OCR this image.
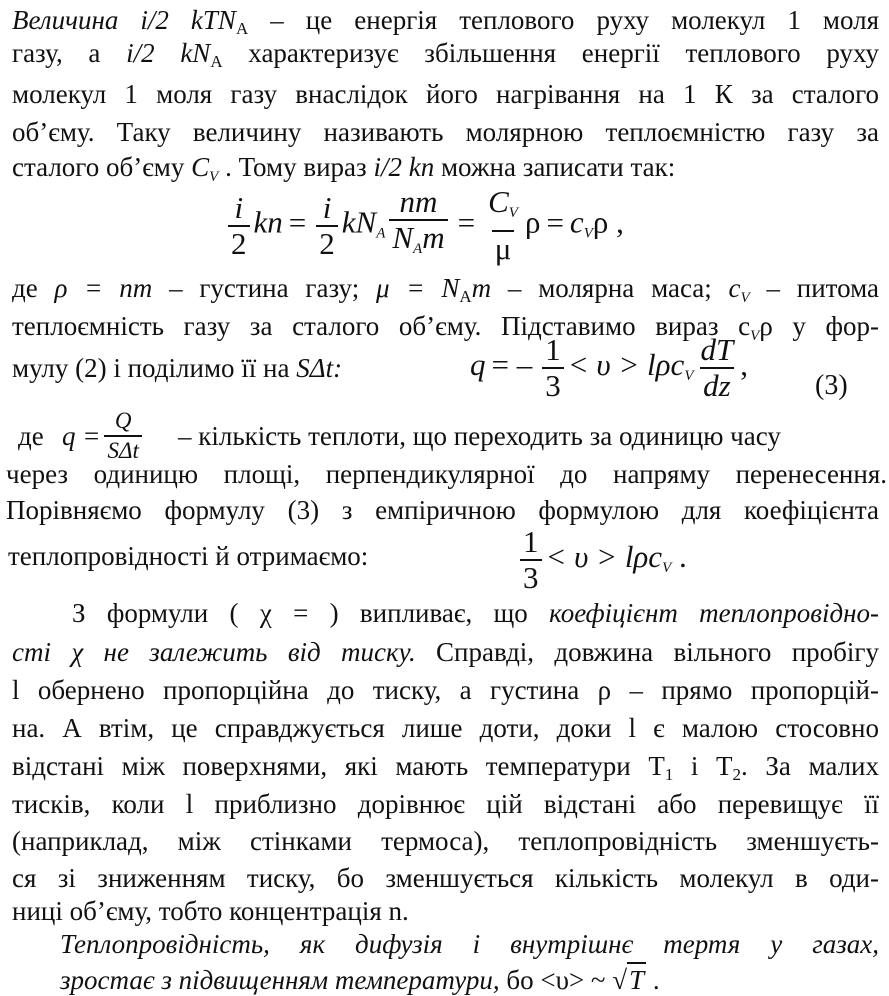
Величина i/2 kTN$_A$ – це енергія теплового руху молекул 1 моля
газу, а i/2 $kN_A$ характеризує збільшення енергії теплового руху
молекул 1 моля газу внаслідок його нагрівання на 1 К за сталого
об’єму. Таку величину називають молярною теплоємністю газу за
сталого об’єму CV . Тому вираз i/2 kn можна записати так:
$\frac{i}{2}$ kn = $\frac{i}{2}$ kNA $\frac{nm}{\text{NAm}} = \frac{CV}{\mu}$ ρ = cVρ ,
де ρ = nm – густина газу; $\mu = N_Am$ – молярна маса; cV – питома
теплоємність газу за сталого об’єму. Підставимо вираз cVρ у фор-
мулу (2) і поділимо її на SΔt:	q = – $\frac{1}{3} < \upsilon > l\rho cV \frac{dT}{dz}$ ,
(3)
де $q = \frac{Q}{\text{SΔt}}$ – кількість теплоти, що переходить за одиницю часу
через одиницю площі, перпендикулярної до напряму перенесення.
Порівняємо формулу (3) з емпіричною формулою для коефіцієнта
теплопровідності й отримаємо:	$\frac{1}{3} < \upsilon > l\rho cV$ .
З формули ( χ = ) випливає, що коефіцієнт теплопровідно-
сті χ не залежить від тиску. Справді, довжина вільного пробігу
l обернено пропорційна до тиску, а густина ρ – прямо пропорцій-
на. А втім, це справджується лише доти, доки l є малою стосовно
відстані між поверхнями, які мають температури $T_1$ і $T_2$. За малих
тисків, коли l приблизно дорівнює цій відстані або перевищує її
(наприклад, між стінками термоса), теплопровідність зменшуєть-
ся зі зниженням тиску, бо зменшується кількість молекул в оди-
ниці об’єму, тобто концентрація n.
Теплопровідність, як дифузія і внутрішнє тертя у газах,
зростає з підвищенням температури, бо <υ> ~ √T .
